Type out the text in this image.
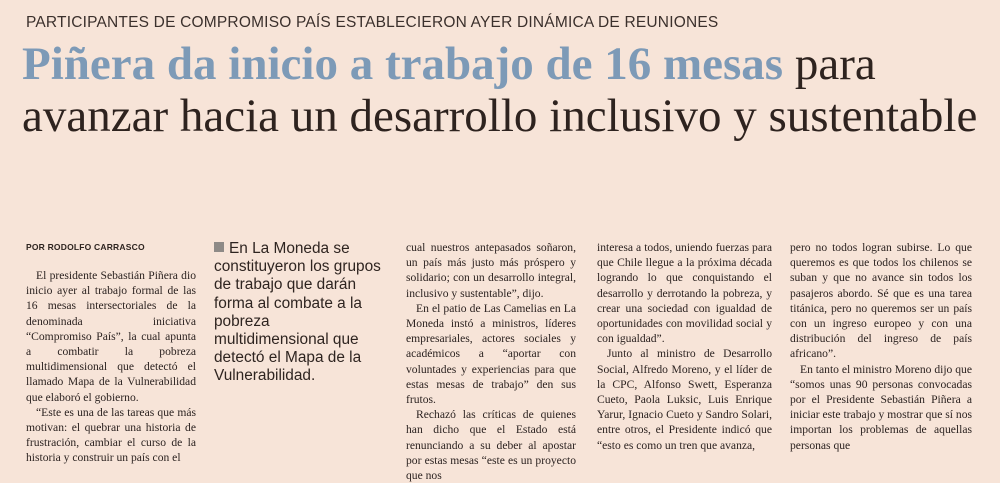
PARTICIPANTES DE COMPROMISO PAÍS ESTABLECIERON AYER DINÁMICA DE REUNIONES
Piñera da inicio a trabajo de 16 mesas para avanzar hacia un desarrollo inclusivo y sustentable
POR RODOLFO CARRASCO

El presidente Sebastián Piñera dio inicio ayer al trabajo formal de las 16 mesas intersectoriales de la denominada iniciativa “Compromiso País”, la cual apunta a combatir la pobreza multidimensional que detectó el llamado Mapa de la Vulnerabilidad que elaboró el gobierno.

“Este es una de las tareas que más motivan: el quebrar una historia de frustración, cambiar el curso de la historia y construir un país con el

En La Moneda se constituyeron los grupos de trabajo que darán forma al combate a la pobreza multidimensional que detectó el Mapa de la Vulnerabilidad.

cual nuestros antepasados soñaron, un país más justo más próspero y solidario; con un desarrollo integral, inclusivo y sustentable”, dijo.

En el patio de Las Camelias en La Moneda instó a ministros, líderes empresariales, actores sociales y académicos a “aportar con voluntades y experiencias para que estas mesas de trabajo” den sus frutos.

Rechazó las críticas de quienes han dicho que el Estado está renunciando a su deber al apostar por estas mesas “este es un proyecto que nos

interesa a todos, uniendo fuerzas para que Chile llegue a la próxima década logrando lo que conquistando el desarrollo y derrotando la pobreza, y crear una sociedad con igualdad de oportunidades con movilidad social y con igualdad”.

Junto al ministro de Desarrollo Social, Alfredo Moreno, y el líder de la CPC, Alfonso Swett, Esperanza Cueto, Paola Luksic, Luis Enrique Yarur, Ignacio Cueto y Sandro Solari, entre otros, el Presidente indicó que “esto es como un tren que avanza,

pero no todos logran subirse. Lo que queremos es que todos los chilenos se suban y que no avance sin todos los pasajeros abordo. Sé que es una tarea titánica, pero no queremos ser un país con un ingreso europeo y con una distribución del ingreso de país africano”.

En tanto el ministro Moreno dijo que “somos unas 90 personas convocadas por el Presidente Sebastián Piñera a iniciar este trabajo y mostrar que sí nos importan los problemas de aquellas personas que
